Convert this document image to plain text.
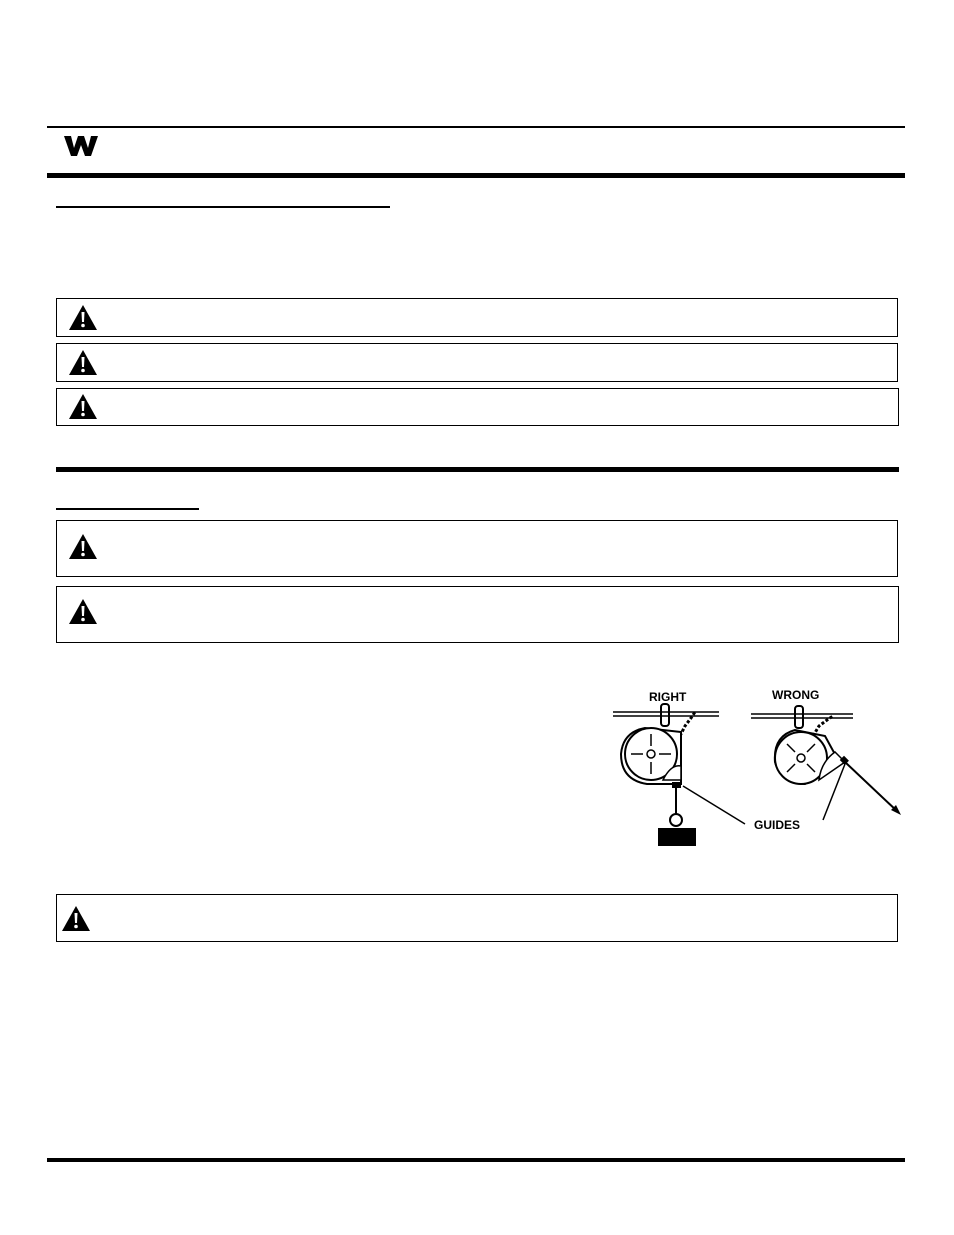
RIGHT	WRONG
GUIDES
